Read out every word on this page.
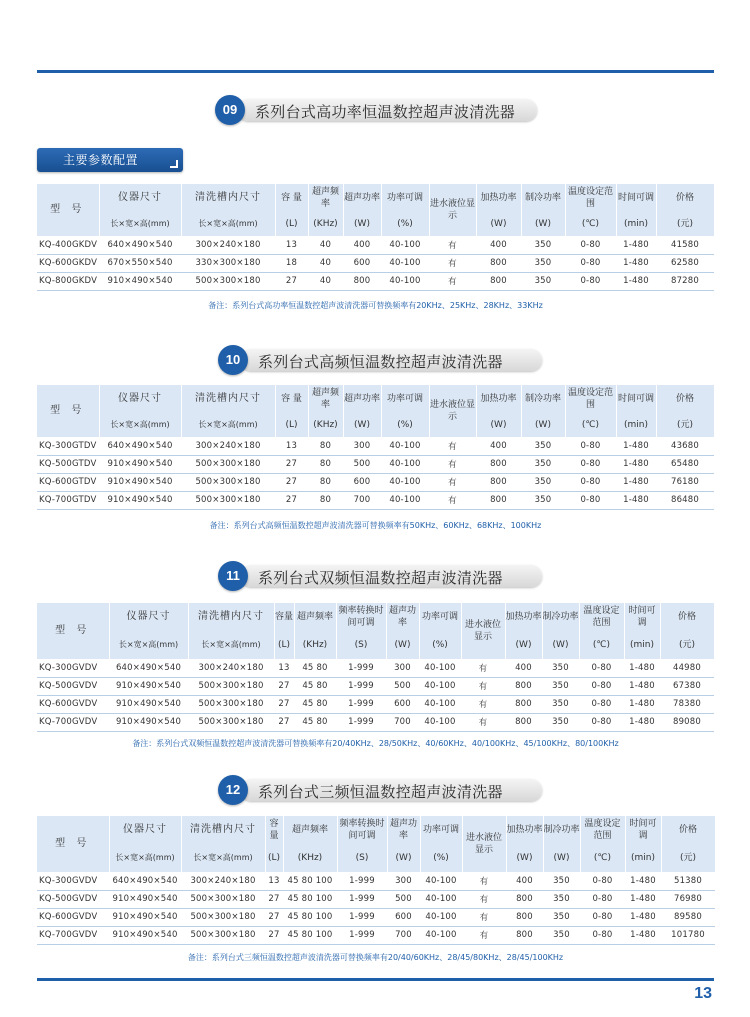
09	系列台式高功率恒温数控超声波清洗器
主要参数配置
型 号	仪器尺寸	清洗槽内尺寸	容 量	超声频率	超声功率	功率可调	进水液位显示	加热功率	制冷功率	温度设定范围	时间可调	价格
	长×宽×高(mm)	长×宽×高(mm)	(L)	(KHz)	(W)	(%)		(W)	(W)	(℃)	(min)	(元)
KQ-400GKDV	640×490×540	300×240×180	13	40	400	40-100	有	400	350	0-80	1-480	41580
KQ-600GKDV	670×550×540	330×300×180	18	40	600	40-100	有	800	350	0-80	1-480	62580
KQ-800GKDV	910×490×540	500×300×180	27	40	800	40-100	有	800	350	0-80	1-480	87280
备注：系列台式高功率恒温数控超声波清洗器可替换频率有20KHz、25KHz、28KHz、33KHz
10	系列台式高频恒温数控超声波清洗器
型 号	仪器尺寸	清洗槽内尺寸	容 量	超声频率	超声功率	功率可调	进水液位显示	加热功率	制冷功率	温度设定范围	时间可调	价格
	长×宽×高(mm)	长×宽×高(mm)	(L)	(KHz)	(W)	(%)		(W)	(W)	(℃)	(min)	(元)
KQ-300GTDV	640×490×540	300×240×180	13	80	300	40-100	有	400	350	0-80	1-480	43680
KQ-500GTDV	910×490×540	500×300×180	27	80	500	40-100	有	800	350	0-80	1-480	65480
KQ-600GTDV	910×490×540	500×300×180	27	80	600	40-100	有	800	350	0-80	1-480	76180
KQ-700GTDV	910×490×540	500×300×180	27	80	700	40-100	有	800	350	0-80	1-480	86480
备注：系列台式高频恒温数控超声波清洗器可替换频率有50KHz、60KHz、68KHz、100KHz
11	系列台式双频恒温数控超声波清洗器
型 号	仪器尺寸	清洗槽内尺寸	容量	超声频率	频率转换时间可调	超声功率	功率可调	进水液位显示	加热功率	制冷功率	温度设定范围	时间可调	价格
	长×宽×高(mm)	长×宽×高(mm)	(L)	(KHz)	(S)	(W)	(%)		(W)	(W)	(℃)	(min)	(元)
KQ-300GVDV	640×490×540	300×240×180	13	45 80	1-999	300	40-100	有	400	350	0-80	1-480	44980
KQ-500GVDV	910×490×540	500×300×180	27	45 80	1-999	500	40-100	有	800	350	0-80	1-480	67380
KQ-600GVDV	910×490×540	500×300×180	27	45 80	1-999	600	40-100	有	800	350	0-80	1-480	78380
KQ-700GVDV	910×490×540	500×300×180	27	45 80	1-999	700	40-100	有	800	350	0-80	1-480	89080
备注：系列台式双频恒温数控超声波清洗器可替换频率有20/40KHz、28/50KHz、40/60KHz、40/100KHz、45/100KHz、80/100KHz
12	系列台式三频恒温数控超声波清洗器
型 号	仪器尺寸	清洗槽内尺寸	容量	超声频率	频率转换时间可调	超声功率	功率可调	进水液位显示	加热功率	制冷功率	温度设定范围	时间可调	价格
	长×宽×高(mm)	长×宽×高(mm)	(L)	(KHz)	(S)	(W)	(%)		(W)	(W)	(℃)	(min)	(元)
KQ-300GVDV	640×490×540	300×240×180	13	45 80 100	1-999	300	40-100	有	400	350	0-80	1-480	51380
KQ-500GVDV	910×490×540	500×300×180	27	45 80 100	1-999	500	40-100	有	800	350	0-80	1-480	76980
KQ-600GVDV	910×490×540	500×300×180	27	45 80 100	1-999	600	40-100	有	800	350	0-80	1-480	89580
KQ-700GVDV	910×490×540	500×300×180	27	45 80 100	1-999	700	40-100	有	800	350	0-80	1-480	101780
备注：系列台式三频恒温数控超声波清洗器可替换频率有20/40/60KHz、28/45/80KHz、28/45/100KHz
13
